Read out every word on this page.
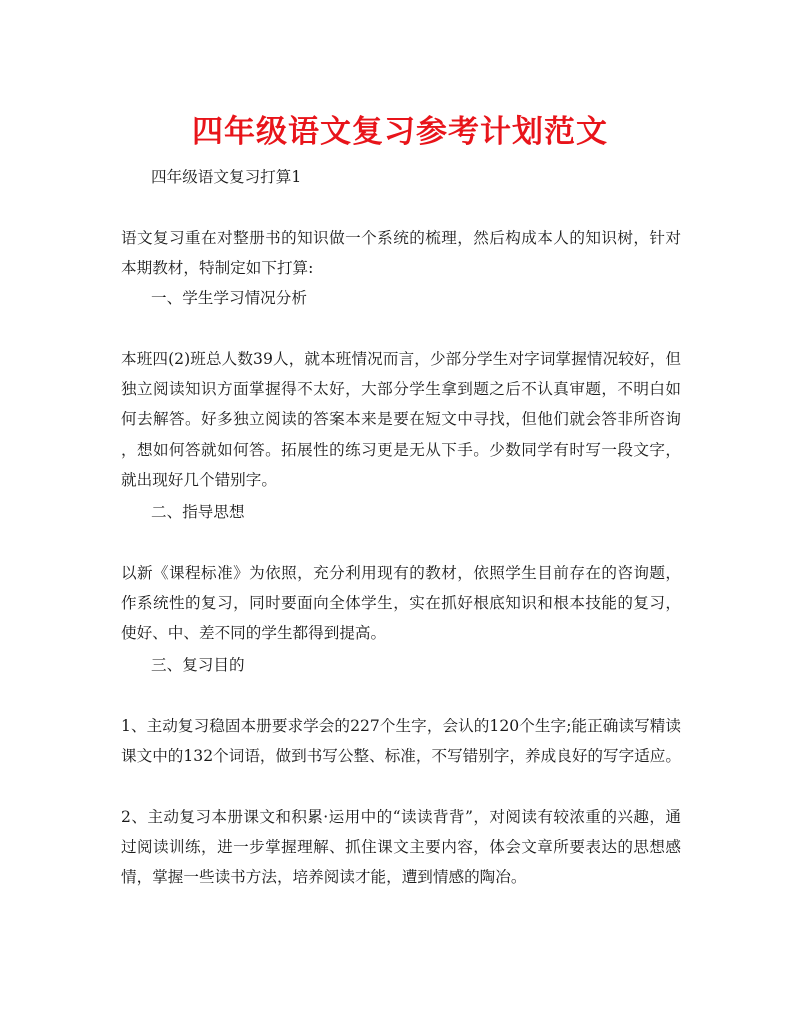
四年级语文复习参考计划范文
四年级语文复习打算1
语文复习重在对整册书的知识做一个系统的梳理，然后构成本人的知识树，针对
本期教材，特制定如下打算:
一、学生学习情况分析
本班四(2)班总人数39人，就本班情况而言，少部分学生对字词掌握情况较好，但
独立阅读知识方面掌握得不太好，大部分学生拿到题之后不认真审题，不明白如
何去解答。好多独立阅读的答案本来是要在短文中寻找，但他们就会答非所咨询
，想如何答就如何答。拓展性的练习更是无从下手。少数同学有时写一段文字，
就出现好几个错别字。
二、指导思想
以新《课程标准》为依照，充分利用现有的教材，依照学生目前存在的咨询题，
作系统性的复习，同时要面向全体学生，实在抓好根底知识和根本技能的复习，
使好、中、差不同的学生都得到提高。
三、复习目的
1、主动复习稳固本册要求学会的227个生字，会认的120个生字;能正确读写精读
课文中的132个词语，做到书写公整、标准，不写错别字，养成良好的写字适应。
2、主动复习本册课文和积累·运用中的“读读背背”，对阅读有较浓重的兴趣，通
过阅读训练，进一步掌握理解、抓住课文主要内容，体会文章所要表达的思想感
情，掌握一些读书方法，培养阅读才能，遭到情感的陶冶。
